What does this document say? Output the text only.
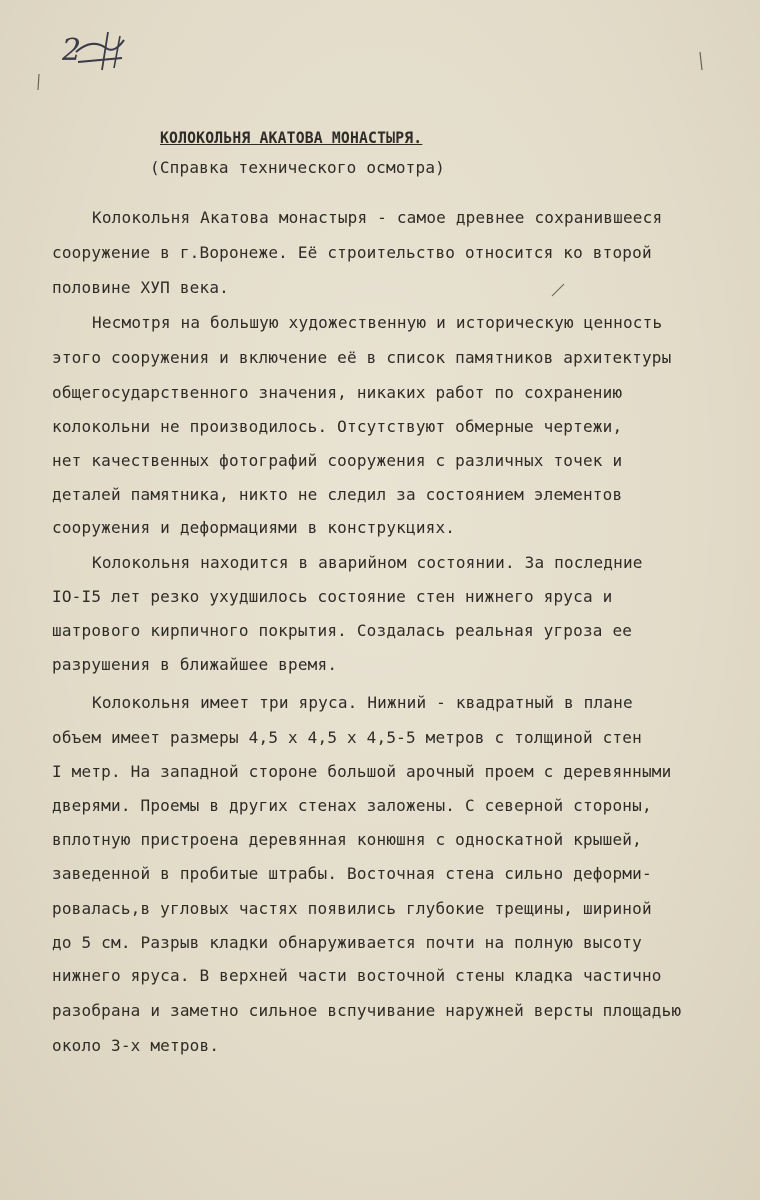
2
КОЛОКОЛЬНЯ АКАТОВА МОНАСТЫРЯ.
(Справка технического осмотра)
Колокольня Акатова монастыря - самое древнее сохранившееся
сооружение в г.Воронеже. Её строительство относится ко второй
половине ХУП века.
Несмотря на большую художественную и историческую ценность
этого сооружения и включение её в список памятников архитектуры
общегосударственного значения, никаких работ по сохранению
колокольни не производилось. Отсутствуют обмерные чертежи,
нет качественных фотографий сооружения с различных точек и
деталей памятника, никто не следил за состоянием элементов
сооружения и деформациями в конструкциях.
Колокольня находится в аварийном состоянии. За последние
IO-I5 лет резко ухудшилось состояние стен нижнего яруса и
шатрового кирпичного покрытия. Создалась реальная угроза ее
разрушения в ближайшее время.
Колокольня имеет три яруса. Нижний - квадратный в плане
объем имеет размеры 4,5 х 4,5 х 4,5-5 метров с толщиной стен
I метр. На западной стороне большой арочный проем с деревянными
дверями. Проемы в других стенах заложены. С северной стороны,
вплотную пристроена деревянная конюшня с односкатной крышей,
заведенной в пробитые штрабы. Восточная стена сильно деформи-
ровалась,в угловых частях появились глубокие трещины, шириной
до 5 см. Разрыв кладки обнаруживается почти на полную высоту
нижнего яруса. В верхней части восточной стены кладка частично
разобрана и заметно сильное вспучивание наружней версты площадью
около 3-х метров.
